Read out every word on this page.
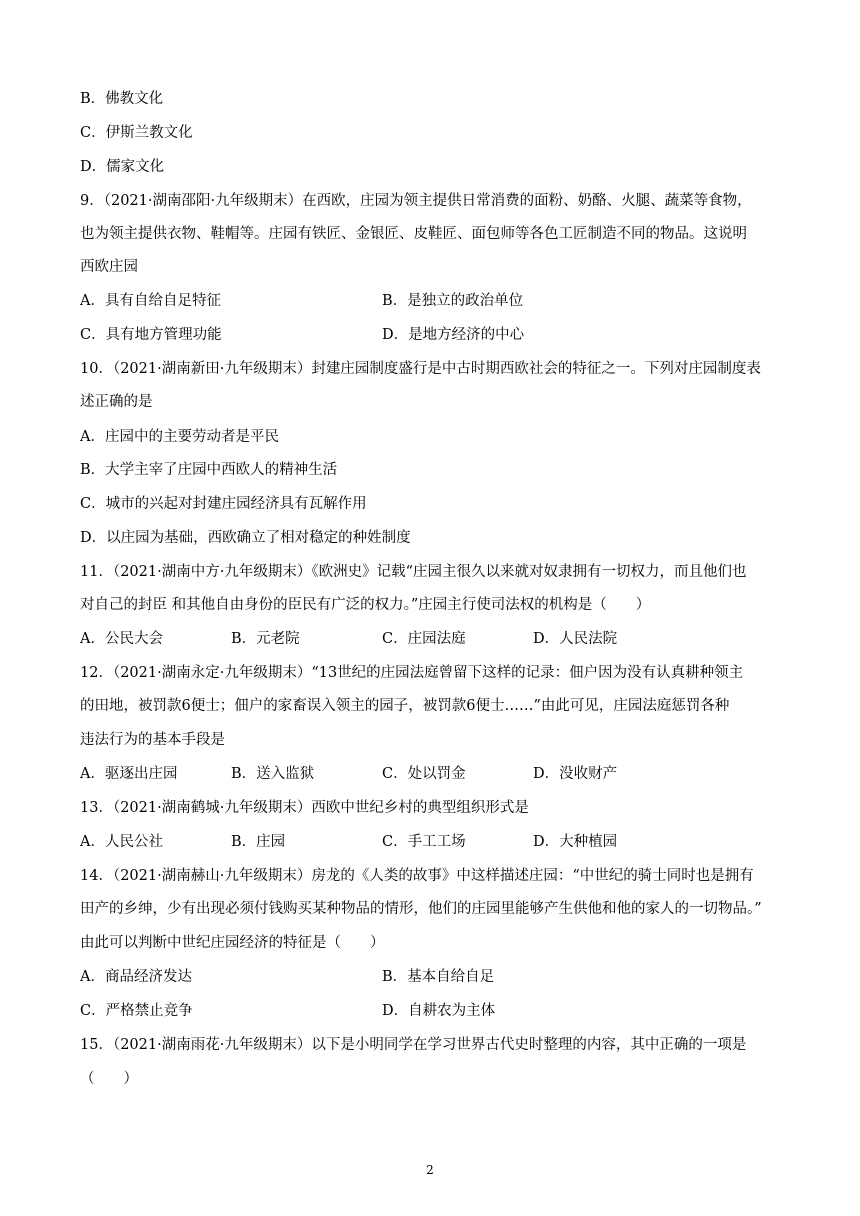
B．佛教文化
C．伊斯兰教文化
D．儒家文化
9．（2021·湖南邵阳·九年级期末）在西欧，庄园为领主提供日常消费的面粉、奶酪、火腿、蔬菜等食物，
也为领主提供衣物、鞋帽等。庄园有铁匠、金银匠、皮鞋匠、面包师等各色工匠制造不同的物品。这说明
西欧庄园
A．具有自给自足特征	B．是独立的政治单位
C．具有地方管理功能	D．是地方经济的中心
10．（2021·湖南新田·九年级期末）封建庄园制度盛行是中古时期西欧社会的特征之一。下列对庄园制度表
述正确的是
A．庄园中的主要劳动者是平民
B．大学主宰了庄园中西欧人的精神生活
C．城市的兴起对封建庄园经济具有瓦解作用
D．以庄园为基础，西欧确立了相对稳定的种姓制度
11．（2021·湖南中方·九年级期末）《欧洲史》记载“庄园主很久以来就对奴隶拥有一切权力，而且他们也
对自己的封臣 和其他自由身份的臣民有广泛的权力。”庄园主行使司法权的机构是（　　）
A．公民大会	B．元老院	C．庄园法庭	D．人民法院
12．（2021·湖南永定·九年级期末）“13世纪的庄园法庭曾留下这样的记录：佃户因为没有认真耕种领主
的田地，被罚款6便士；佃户的家畜误入领主的园子，被罚款6便士……”由此可见，庄园法庭惩罚各种
违法行为的基本手段是
A．驱逐出庄园	B．送入监狱	C．处以罚金	D．没收财产
13．（2021·湖南鹤城·九年级期末）西欧中世纪乡村的典型组织形式是
A．人民公社	B．庄园	C．手工工场	D．大种植园
14．（2021·湖南赫山·九年级期末）房龙的《人类的故事》中这样描述庄园：“中世纪的骑士同时也是拥有
田产的乡绅，少有出现必须付钱购买某种物品的情形，他们的庄园里能够产生供他和他的家人的一切物品。”
由此可以判断中世纪庄园经济的特征是（　　）
A．商品经济发达	B．基本自给自足
C．严格禁止竞争	D．自耕农为主体
15．（2021·湖南雨花·九年级期末）以下是小明同学在学习世界古代史时整理的内容，其中正确的一项是
（　　）
2
